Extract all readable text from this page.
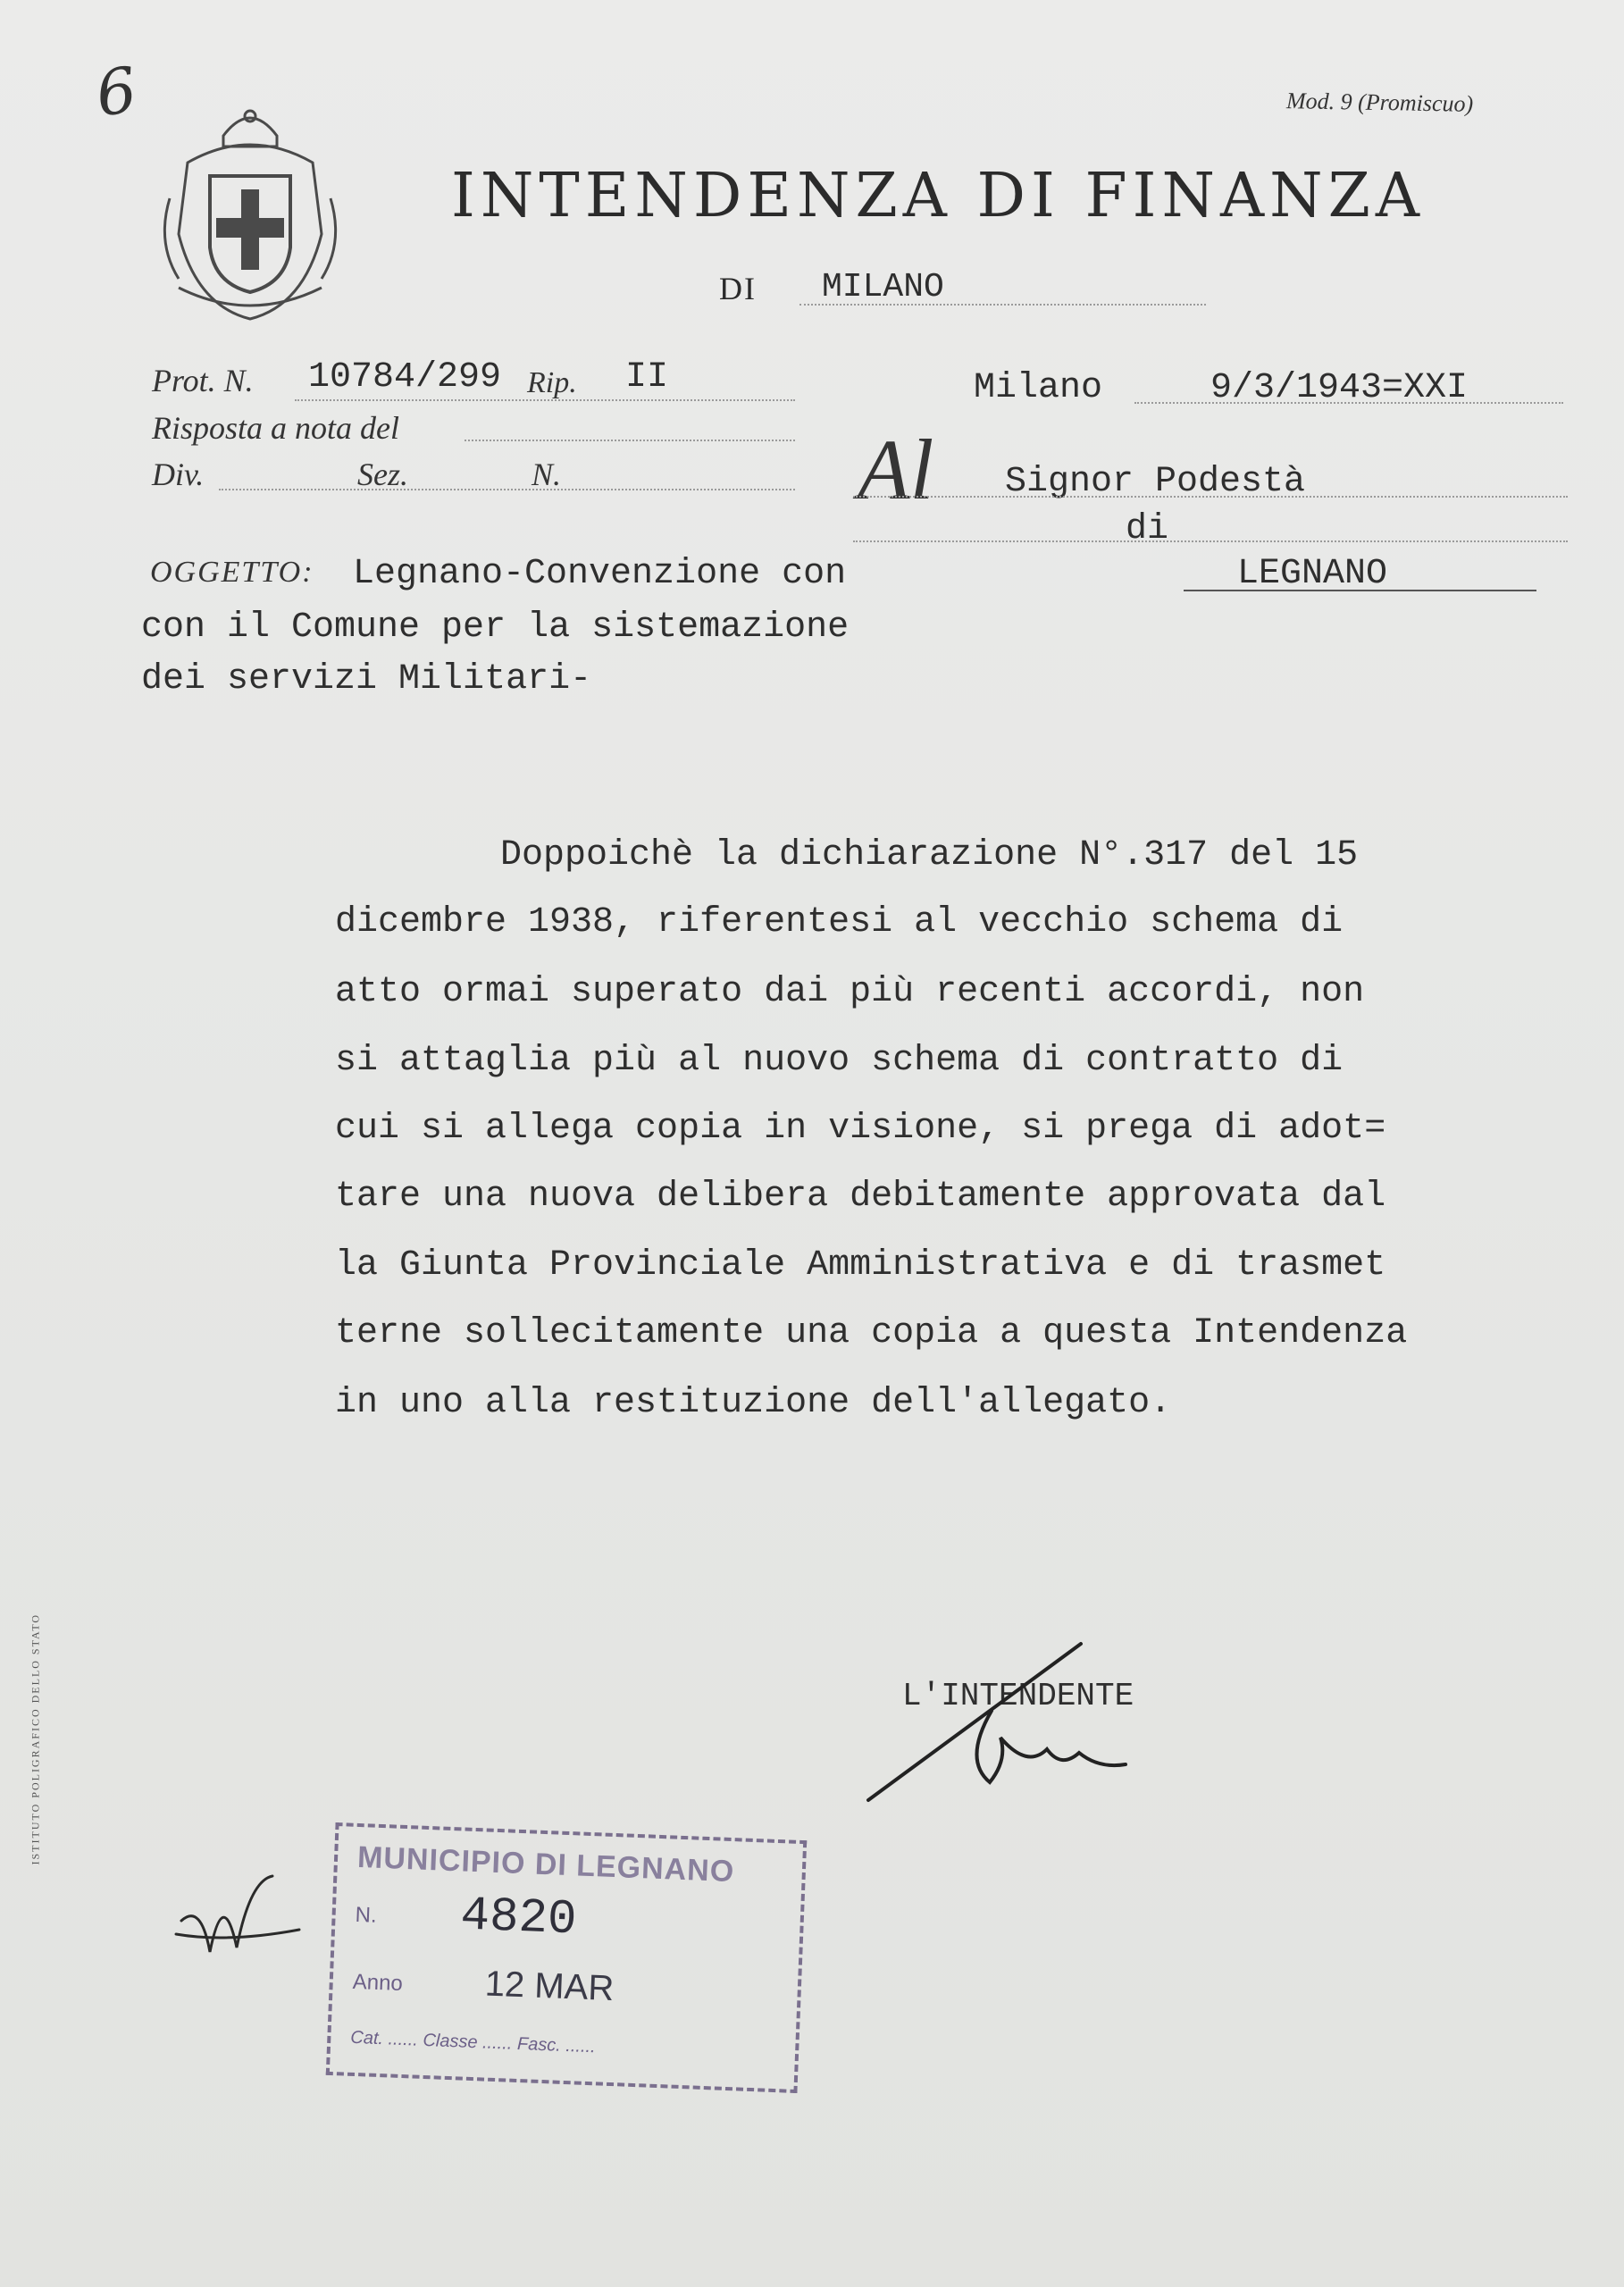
6	Mod. 9 (Promiscuo)
INTENDENZA DI FINANZA
DI MILANO
Prot. N. 10784/299 Rip. II
Risposta a nota del
Div.	Sez.	N.
Milano	9/3/1943=XXI
Al Signor Podestà
di
LEGNANO
OGGETTO: Legnano-Convenzione con
con il Comune per la sistemazione
dei servizi Militari-
Doppoichè la dichiarazione N°.317 del 15
dicembre 1938, riferentesi al vecchio schema di
atto ormai superato dai più recenti accordi, non
si attaglia più al nuovo schema di contratto di
cui si allega copia in visione, si prega di adot=
tare una nuova delibera debitamente approvata dal
la Giunta Provinciale Amministrativa e di trasmet
terne sollecitamente una copia a questa Intendenza
in uno alla restituzione dell'allegato.
L'INTENDENTE
ISTITUTO POLIGRAFICO DELLO STATO	MUNICIPIO DI LEGNANO
N. 4820
Anno 12 MAR
Cat. ...... Classe ...... Fasc. ......
